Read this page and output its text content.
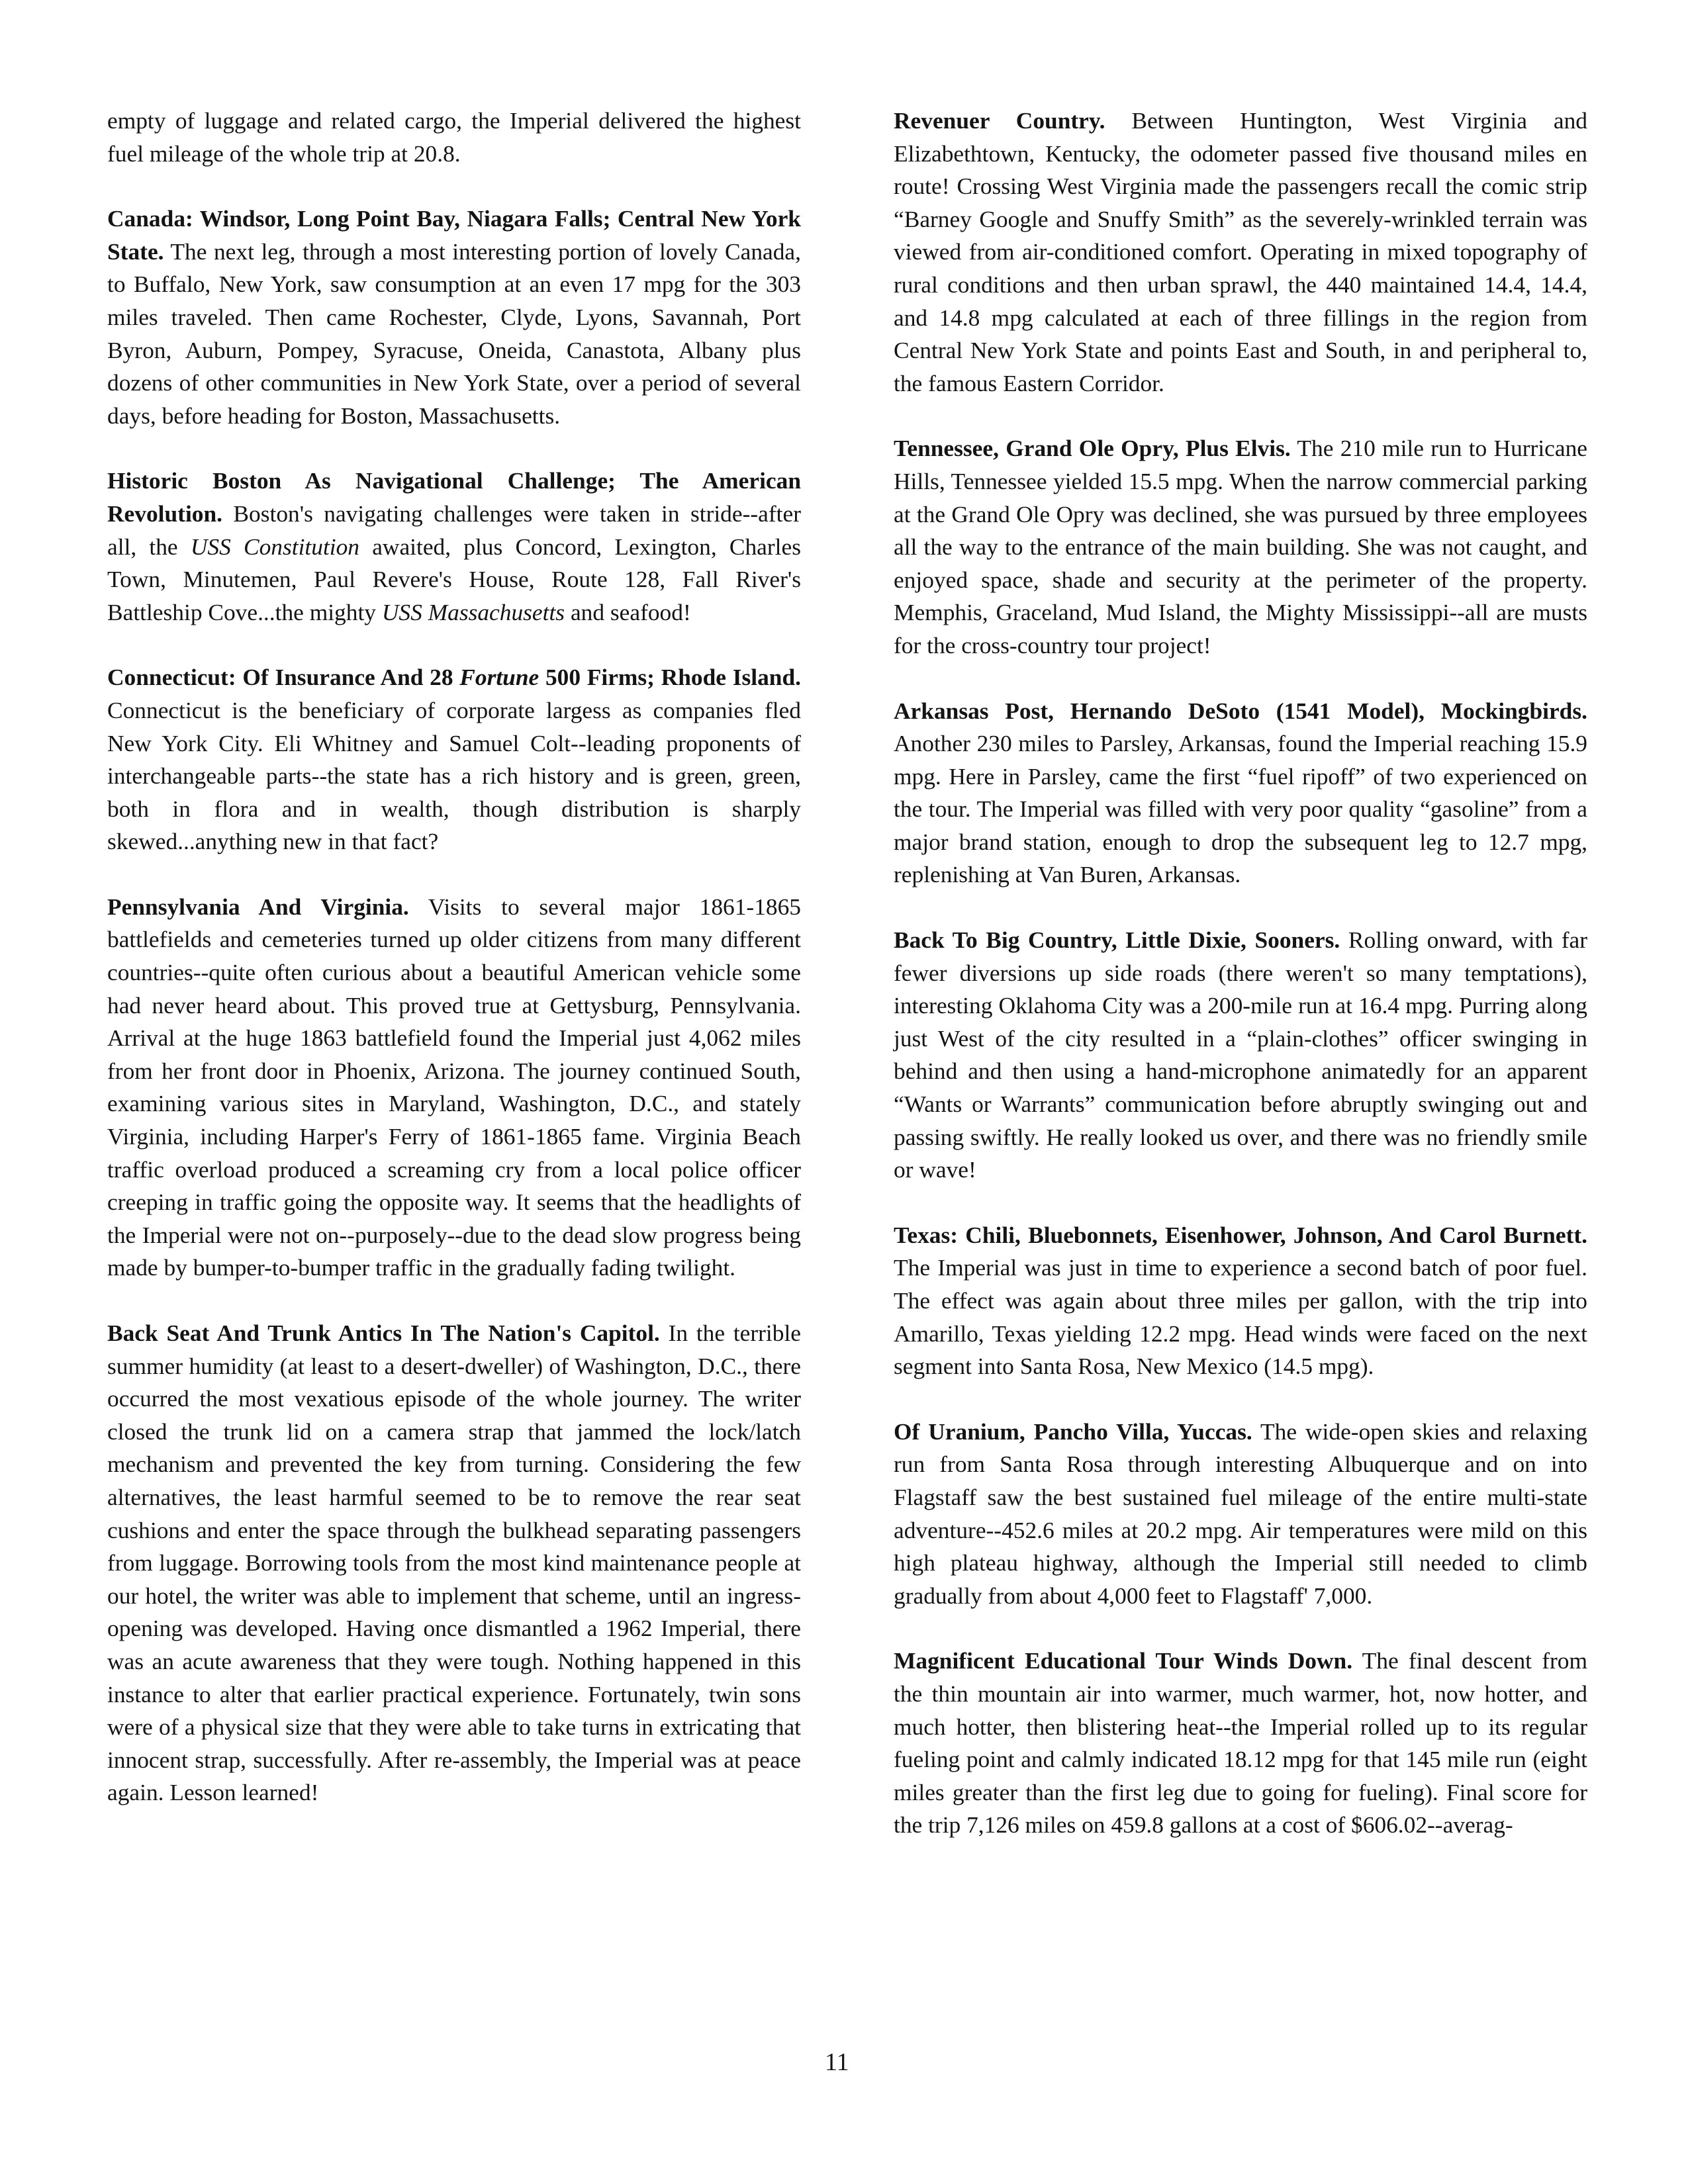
empty of luggage and related cargo, the Imperial delivered the highest fuel mileage of the whole trip at 20.8.

Canada: Windsor, Long Point Bay, Niagara Falls; Central New York State. The next leg, through a most interesting portion of lovely Canada, to Buffalo, New York, saw consumption at an even 17 mpg for the 303 miles traveled. Then came Rochester, Clyde, Lyons, Savannah, Port Byron, Auburn, Pompey, Syracuse, Oneida, Canastota, Albany plus dozens of other communities in New York State, over a period of several days, before heading for Boston, Massachusetts.

Historic Boston As Navigational Challenge; The American Revolution. Boston's navigating challenges were taken in stride--after all, the USS Constitution awaited, plus Concord, Lexington, Charles Town, Minutemen, Paul Revere's House, Route 128, Fall River's Battleship Cove...the mighty USS Massachusetts and seafood!

Connecticut: Of Insurance And 28 Fortune 500 Firms; Rhode Island. Connecticut is the beneficiary of corporate largess as companies fled New York City. Eli Whitney and Samuel Colt--leading proponents of interchangeable parts--the state has a rich history and is green, green, both in flora and in wealth, though distribution is sharply skewed...anything new in that fact?

Pennsylvania And Virginia. Visits to several major 1861-1865 battlefields and cemeteries turned up older citizens from many different countries--quite often curious about a beautiful American vehicle some had never heard about. This proved true at Gettysburg, Pennsylvania. Arrival at the huge 1863 battlefield found the Imperial just 4,062 miles from her front door in Phoenix, Arizona. The journey continued South, examining various sites in Maryland, Washington, D.C., and stately Virginia, including Harper's Ferry of 1861-1865 fame. Virginia Beach traffic overload produced a screaming cry from a local police officer creeping in traffic going the opposite way. It seems that the headlights of the Imperial were not on--purposely--due to the dead slow progress being made by bumper-to-bumper traffic in the gradually fading twilight.

Back Seat And Trunk Antics In The Nation's Capitol. In the terrible summer humidity (at least to a desert-dweller) of Washington, D.C., there occurred the most vexatious episode of the whole journey. The writer closed the trunk lid on a camera strap that jammed the lock/latch mechanism and prevented the key from turning. Considering the few alternatives, the least harmful seemed to be to remove the rear seat cushions and enter the space through the bulkhead separating passengers from luggage. Borrowing tools from the most kind maintenance people at our hotel, the writer was able to implement that scheme, until an ingress-opening was developed. Having once dismantled a 1962 Imperial, there was an acute awareness that they were tough. Nothing happened in this instance to alter that earlier practical experience. Fortunately, twin sons were of a physical size that they were able to take turns in extricating that innocent strap, successfully. After re-assembly, the Imperial was at peace again. Lesson learned!

Revenuer Country. Between Huntington, West Virginia and Elizabethtown, Kentucky, the odometer passed five thousand miles en route! Crossing West Virginia made the passengers recall the comic strip “Barney Google and Snuffy Smith” as the severely-wrinkled terrain was viewed from air-conditioned comfort. Operating in mixed topography of rural conditions and then urban sprawl, the 440 maintained 14.4, 14.4, and 14.8 mpg calculated at each of three fillings in the region from Central New York State and points East and South, in and peripheral to, the famous Eastern Corridor.

Tennessee, Grand Ole Opry, Plus Elvis. The 210 mile run to Hurricane Hills, Tennessee yielded 15.5 mpg. When the narrow commercial parking at the Grand Ole Opry was declined, she was pursued by three employees all the way to the entrance of the main building. She was not caught, and enjoyed space, shade and security at the perimeter of the property. Memphis, Graceland, Mud Island, the Mighty Mississippi--all are musts for the cross-country tour project!

Arkansas Post, Hernando DeSoto (1541 Model), Mockingbirds. Another 230 miles to Parsley, Arkansas, found the Imperial reaching 15.9 mpg. Here in Parsley, came the first “fuel ripoff” of two experienced on the tour. The Imperial was filled with very poor quality “gasoline” from a major brand station, enough to drop the subsequent leg to 12.7 mpg, replenishing at Van Buren, Arkansas.

Back To Big Country, Little Dixie, Sooners. Rolling onward, with far fewer diversions up side roads (there weren't so many temptations), interesting Oklahoma City was a 200-mile run at 16.4 mpg. Purring along just West of the city resulted in a “plain-clothes” officer swinging in behind and then using a hand-microphone animatedly for an apparent “Wants or Warrants” communication before abruptly swinging out and passing swiftly. He really looked us over, and there was no friendly smile or wave!

Texas: Chili, Bluebonnets, Eisenhower, Johnson, And Carol Burnett. The Imperial was just in time to experience a second batch of poor fuel. The effect was again about three miles per gallon, with the trip into Amarillo, Texas yielding 12.2 mpg. Head winds were faced on the next segment into Santa Rosa, New Mexico (14.5 mpg).

Of Uranium, Pancho Villa, Yuccas. The wide-open skies and relaxing run from Santa Rosa through interesting Albuquerque and on into Flagstaff saw the best sustained fuel mileage of the entire multi-state adventure--452.6 miles at 20.2 mpg. Air temperatures were mild on this high plateau highway, although the Imperial still needed to climb gradually from about 4,000 feet to Flagstaff' 7,000.

Magnificent Educational Tour Winds Down. The final descent from the thin mountain air into warmer, much warmer, hot, now hotter, and much hotter, then blistering heat--the Imperial rolled up to its regular fueling point and calmly indicated 18.12 mpg for that 145 mile run (eight miles greater than the first leg due to going for fueling). Final score for the trip 7,126 miles on 459.8 gallons at a cost of $606.02--averag-

11
